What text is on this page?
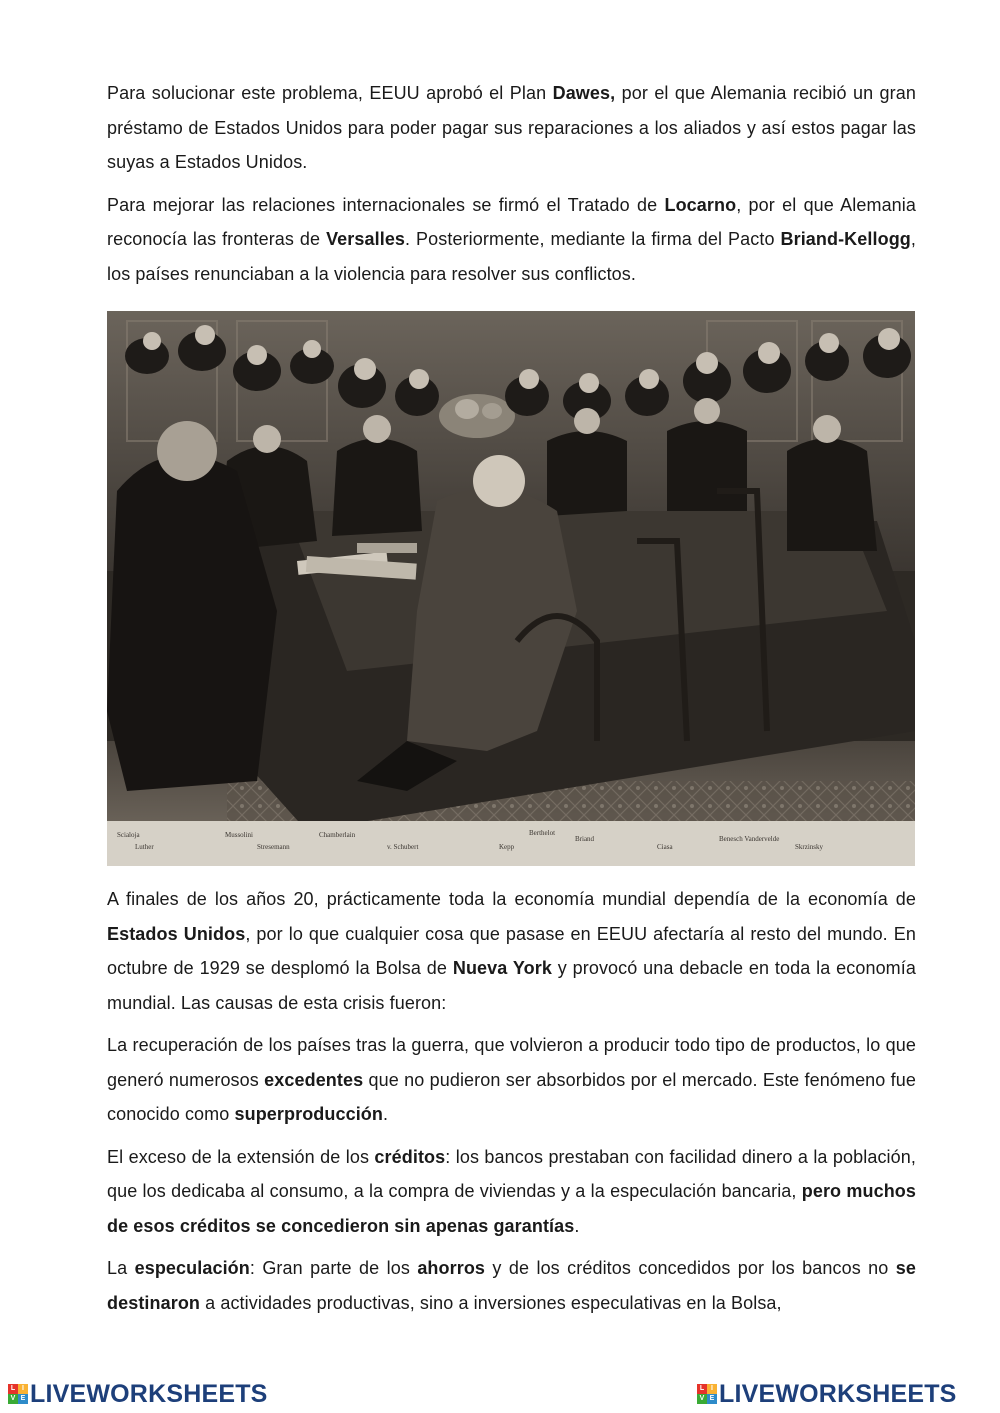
Para solucionar este problema, EEUU aprobó el Plan Dawes, por el que Alemania recibió un gran préstamo de Estados Unidos para poder pagar sus reparaciones a los aliados y así estos pagar las suyas a Estados Unidos.

Para mejorar las relaciones internacionales se firmó el Tratado de Locarno, por el que Alemania reconocía las fronteras de Versalles. Posteriormente, mediante la firma del Pacto Briand-Kellogg, los países renunciaban a la violencia para resolver sus conflictos.

Scialoja
Luther
Mussolini
Stresemann
Chamberlain
v. Schubert	Kepp
Berthelot
Briand
Ciasa
Benesch Vandervelde
Skrzinsky

A finales de los años 20, prácticamente toda la economía mundial dependía de la economía de Estados Unidos, por lo que cualquier cosa que pasase en EEUU afectaría al resto del mundo. En octubre de 1929 se desplomó la Bolsa de Nueva York y provocó una debacle en toda la economía mundial. Las causas de esta crisis fueron:

La recuperación de los países tras la guerra, que volvieron a producir todo tipo de productos, lo que generó numerosos excedentes que no pudieron ser absorbidos por el mercado. Este fenómeno fue conocido como superproducción.

El exceso de la extensión de los créditos: los bancos prestaban con facilidad dinero a la población, que los dedicaba al consumo, a la compra de viviendas y a la especulación bancaria, pero muchos de esos créditos se concedieron sin apenas garantías.

La especulación: Gran parte de los ahorros y de los créditos concedidos por los bancos no se destinaron a actividades productivas, sino a inversiones especulativas en la Bolsa,

L I
V E LIVEWORKSHEETS	L I
V E LIVEWORKSHEETS
